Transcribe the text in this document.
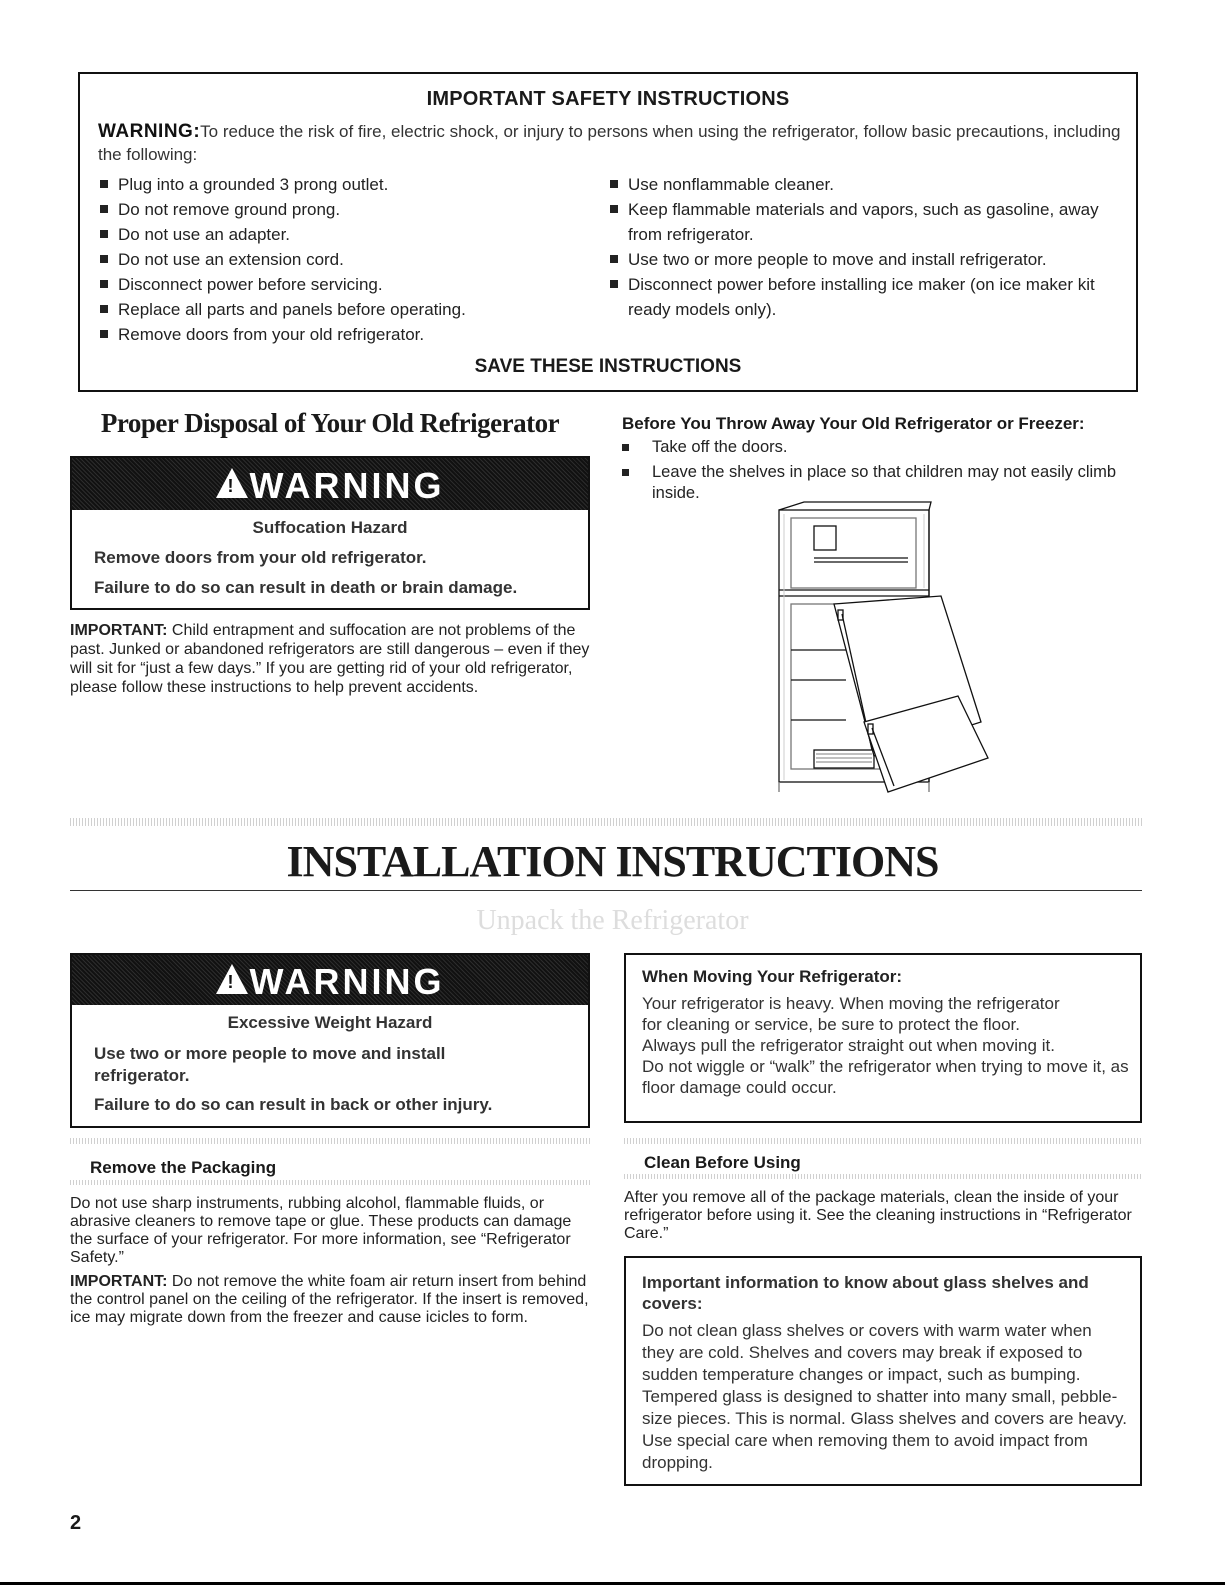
IMPORTANT SAFETY INSTRUCTIONS

WARNING:To reduce the risk of fire, electric shock, or injury to persons when using the refrigerator, follow basic precautions, including the following:

Plug into a grounded 3 prong outlet.
Do not remove ground prong.
Do not use an adapter.
Do not use an extension cord.
Disconnect power before servicing.
Replace all parts and panels before operating.
Remove doors from your old refrigerator.
Use nonflammable cleaner.
Keep flammable materials and vapors, such as gasoline, away from refrigerator.
Use two or more people to move and install refrigerator.
Disconnect power before installing ice maker (on ice maker kit ready models only).
SAVE THESE INSTRUCTIONS
Proper Disposal of Your Old Refrigerator
! WARNING
Suffocation Hazard
Remove doors from your old refrigerator.
Failure to do so can result in death or brain damage.

IMPORTANT: Child entrapment and suffocation are not problems of the past. Junked or abandoned refrigerators are still dangerous – even if they will sit for “just a few days.” If you are getting rid of your old refrigerator, please follow these instructions to help prevent accidents.

Before You Throw Away Your Old Refrigerator or Freezer:
Take off the doors.
Leave the shelves in place so that children may not easily climb inside.
INSTALLATION INSTRUCTIONS
Unpack the Refrigerator
! WARNING
Excessive Weight Hazard
Use two or more people to move and install refrigerator.
Failure to do so can result in back or other injury.
Remove the Packaging

Do not use sharp instruments, rubbing alcohol, flammable fluids, or abrasive cleaners to remove tape or glue. These products can damage the surface of your refrigerator. For more information, see “Refrigerator Safety.”

IMPORTANT: Do not remove the white foam air return insert from behind the control panel on the ceiling of the refrigerator. If the insert is removed, ice may migrate down from the freezer and cause icicles to form.

When Moving Your Refrigerator:
Your refrigerator is heavy. When moving the refrigerator
for cleaning or service, be sure to protect the floor.
Always pull the refrigerator straight out when moving it.
Do not wiggle or “walk” the refrigerator when trying to move it, as floor damage could occur.
Clean Before Using

After you remove all of the package materials, clean the inside of your refrigerator before using it. See the cleaning instructions in “Refrigerator Care.”

Important information to know about glass shelves and covers:

Do not clean glass shelves or covers with warm water when they are cold. Shelves and covers may break if exposed to sudden temperature changes or impact, such as bumping. Tempered glass is designed to shatter into many small, pebble-size pieces. This is normal. Glass shelves and covers are heavy. Use special care when removing them to avoid impact from dropping.

2
